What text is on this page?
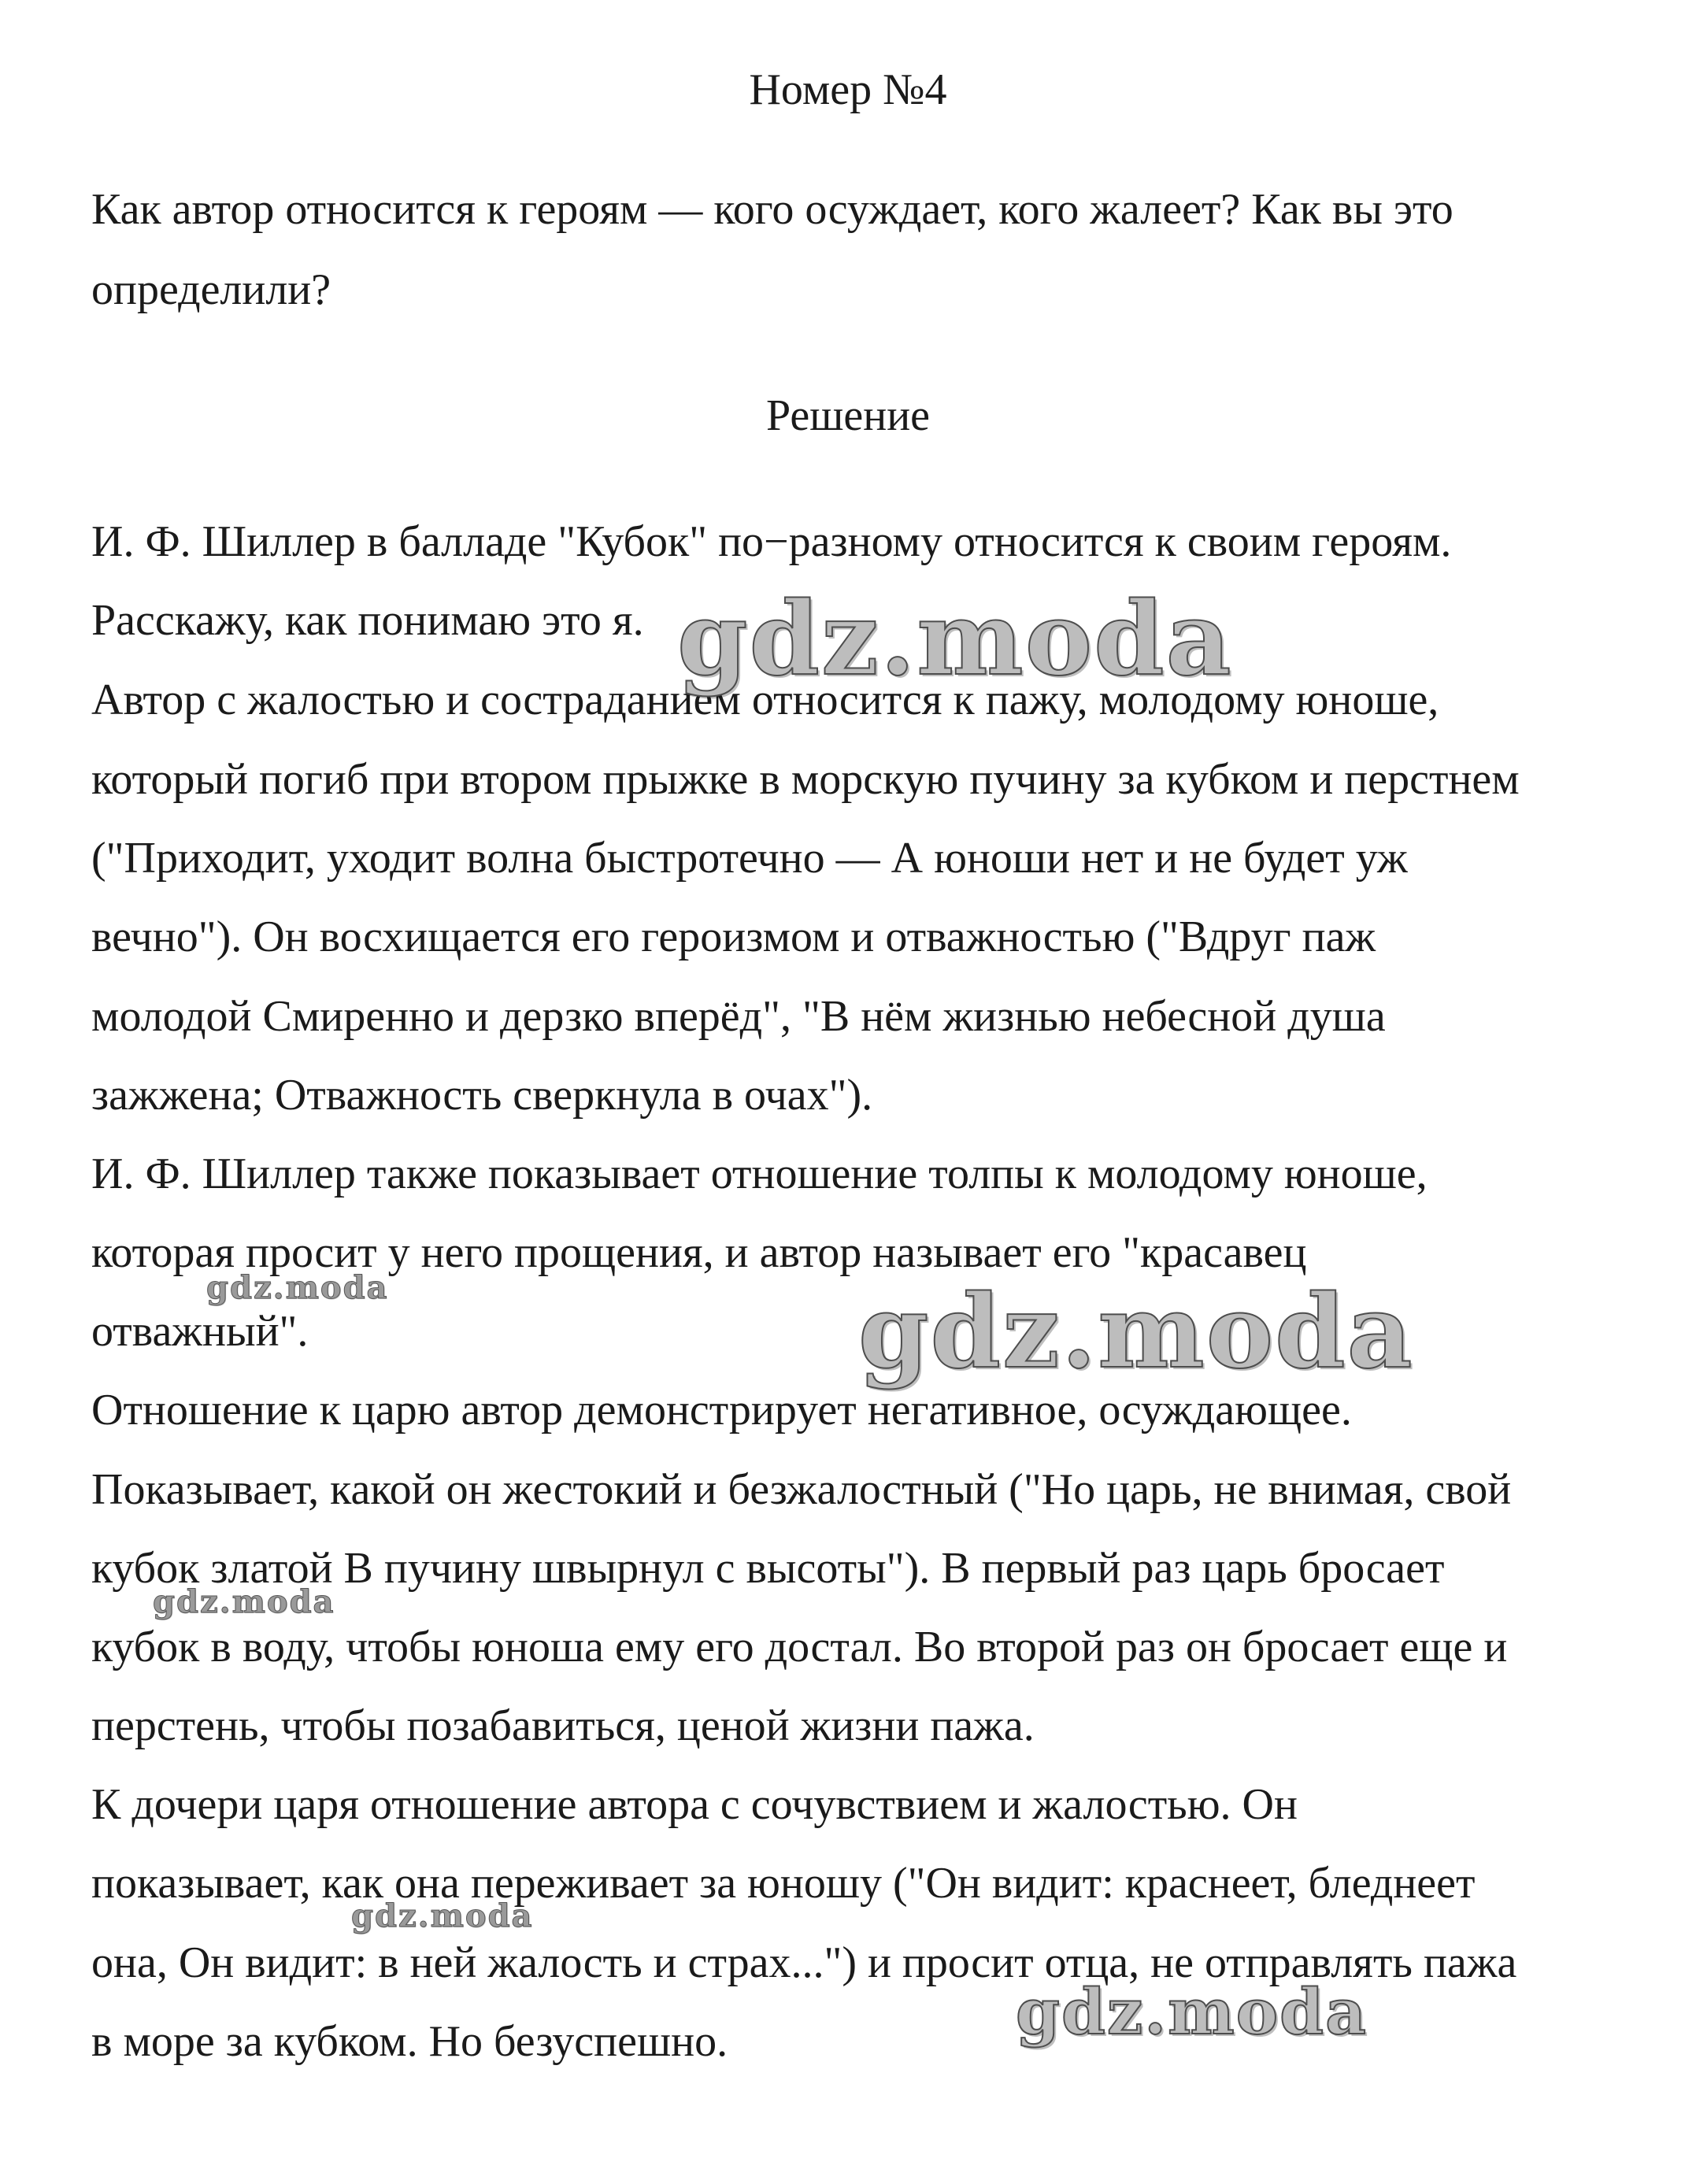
Номер №4
Как автор относится к героям — кого осуждает, кого жалеет? Как вы это
определили?
Решение
И. Ф. Шиллер в балладе "Кубок" по−разному относится к своим героям.
Расскажу, как понимаю это я.
Автор с жалостью и состраданием относится к пажу, молодому юноше,
который погиб при втором прыжке в морскую пучину за кубком и перстнем
("Приходит, уходит волна быстротечно — А юноши нет и не будет уж
вечно"). Он восхищается его героизмом и отважностью ("Вдруг паж
молодой Смиренно и дерзко вперёд", "В нём жизнью небесной душа
зажжена; Отважность сверкнула в очах").
И. Ф. Шиллер также показывает отношение толпы к молодому юноше,
которая просит у него прощения, и автор называет его "красавец
отважный".
Отношение к царю автор демонстрирует негативное, осуждающее.
Показывает, какой он жестокий и безжалостный ("Но царь, не внимая, свой
кубок златой В пучину швырнул с высоты"). В первый раз царь бросает
кубок в воду, чтобы юноша ему его достал. Во второй раз он бросает еще и
перстень, чтобы позабавиться, ценой жизни пажа.
К дочери царя отношение автора с сочувствием и жалостью. Он
показывает, как она переживает за юношу ("Он видит: краснеет, бледнеет
она, Он видит: в ней жалость и страх...") и просит отца, не отправлять пажа
в море за кубком. Но безуспешно.
gdz.moda
gdz.moda
gdz.moda
gdz.moda
gdz.moda
gdz.moda
